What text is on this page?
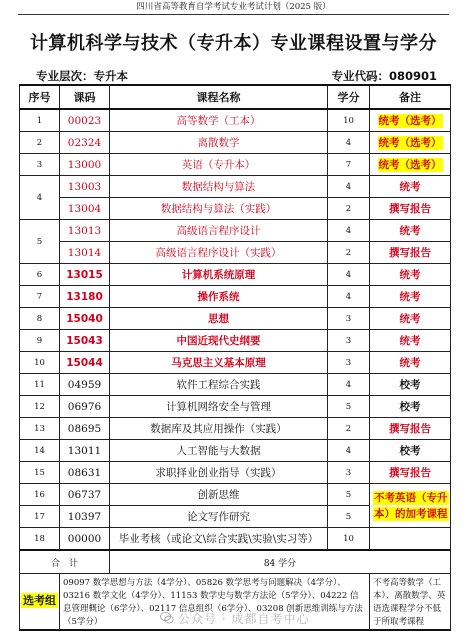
四川省高等教育自学考试专业考试计划（2025 版）
计算机科学与技术（专升本）专业课程设置与学分
专业层次：专升本	专业代码：080901
序号	课码	课程名称	学分	备注
1	00023	高等数学（工本）	10	统考（选考）
2	02324	离散数学	4	统考（选考）
3	13000	英语（专升本）	7	统考（选考）
4	13003	数据结构与算法	4	统考
	13004	数据结构与算法（实践）	2	撰写报告
5	13013	高级语言程序设计	4	统考
	13014	高级语言程序设计（实践）	2	撰写报告
6	13015	计算机系统原理	4	统考
7	13180	操作系统	4	统考
8	15040	思想	3	统考
9	15043	中国近现代史纲要	3	统考
10	15044	马克思主义基本原理	3	统考
11	04959	软件工程综合实践	4	校考
12	06976	计算机网络安全与管理	5	校考
13	08695	数据库及其应用操作（实践）	2	撰写报告
14	13011	人工智能与大数据	4	校考
15	08631	求职择业创业指导（实践）	3	撰写报告
16	06737	创新思维	5	不考英语（专升
本）的加考课程
17	10397	论文写作研究	5	
18	00000	毕业考核（或论文\综合实践\实验\实习等）	10	
合　计		84 学分		
选考组	09097 数学思想与方法（4学分）、05826 数学思考与问题解决（4学分）、03216 数学文化（4学分）、11153 数学史与数学方法论（5学分）、04222 信息管理概论（6学分）、02117 信息组织（6学分）、03208 创新思维训练与方法（5学分）			不考高等数学（工本）、离散数学、英语选课程学分不低于所取考课程
公众号 · 成都自考中心
